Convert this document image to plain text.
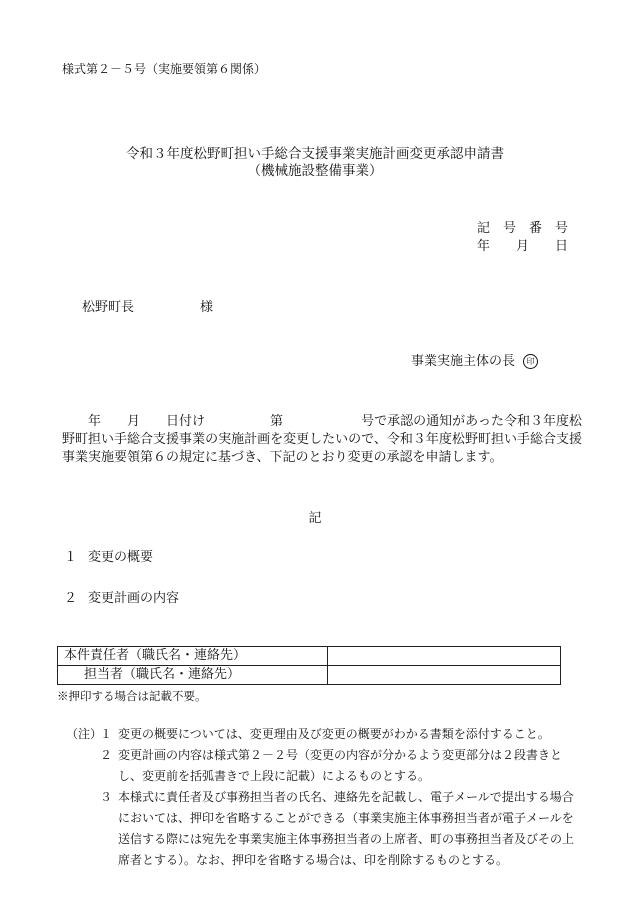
様式第２－５号（実施要領第６関係）
令和３年度松野町担い手総合支援事業実施計画変更承認申請書
（機械施設整備事業）
記　号　番　号
年　　月　　日
松野町長	様
事業実施主体の長 印
　　年　　月　　日付け　　　　　第　　　　　　号で承認の通知があった令和３年度松野町担い手総合支援事業の実施計画を変更したいので、令和３年度松野町担い手総合支援事業実施要領第６の規定に基づき、下記のとおり変更の承認を申請します。
記
１ 変更の概要
２ 変更計画の内容
本件責任者（職氏名・連絡先）	
担当者（職氏名・連絡先）	
※押印する場合は記載不要。
（注）
１ 変更の概要については、変更理由及び変更の概要がわかる書類を添付すること。
２ 変更計画の内容は様式第２－２号（変更の内容が分かるよう変更部分は２段書きとし、変更前を括弧書きで上段に記載）によるものとする。
３ 本様式に責任者及び事務担当者の氏名、連絡先を記載し、電子メールで提出する場合においては、押印を省略することができる（事業実施主体事務担当者が電子メールを送信する際には宛先を事業実施主体事務担当者の上席者、町の事務担当者及びその上席者とする）。なお、押印を省略する場合は、印を削除するものとする。
